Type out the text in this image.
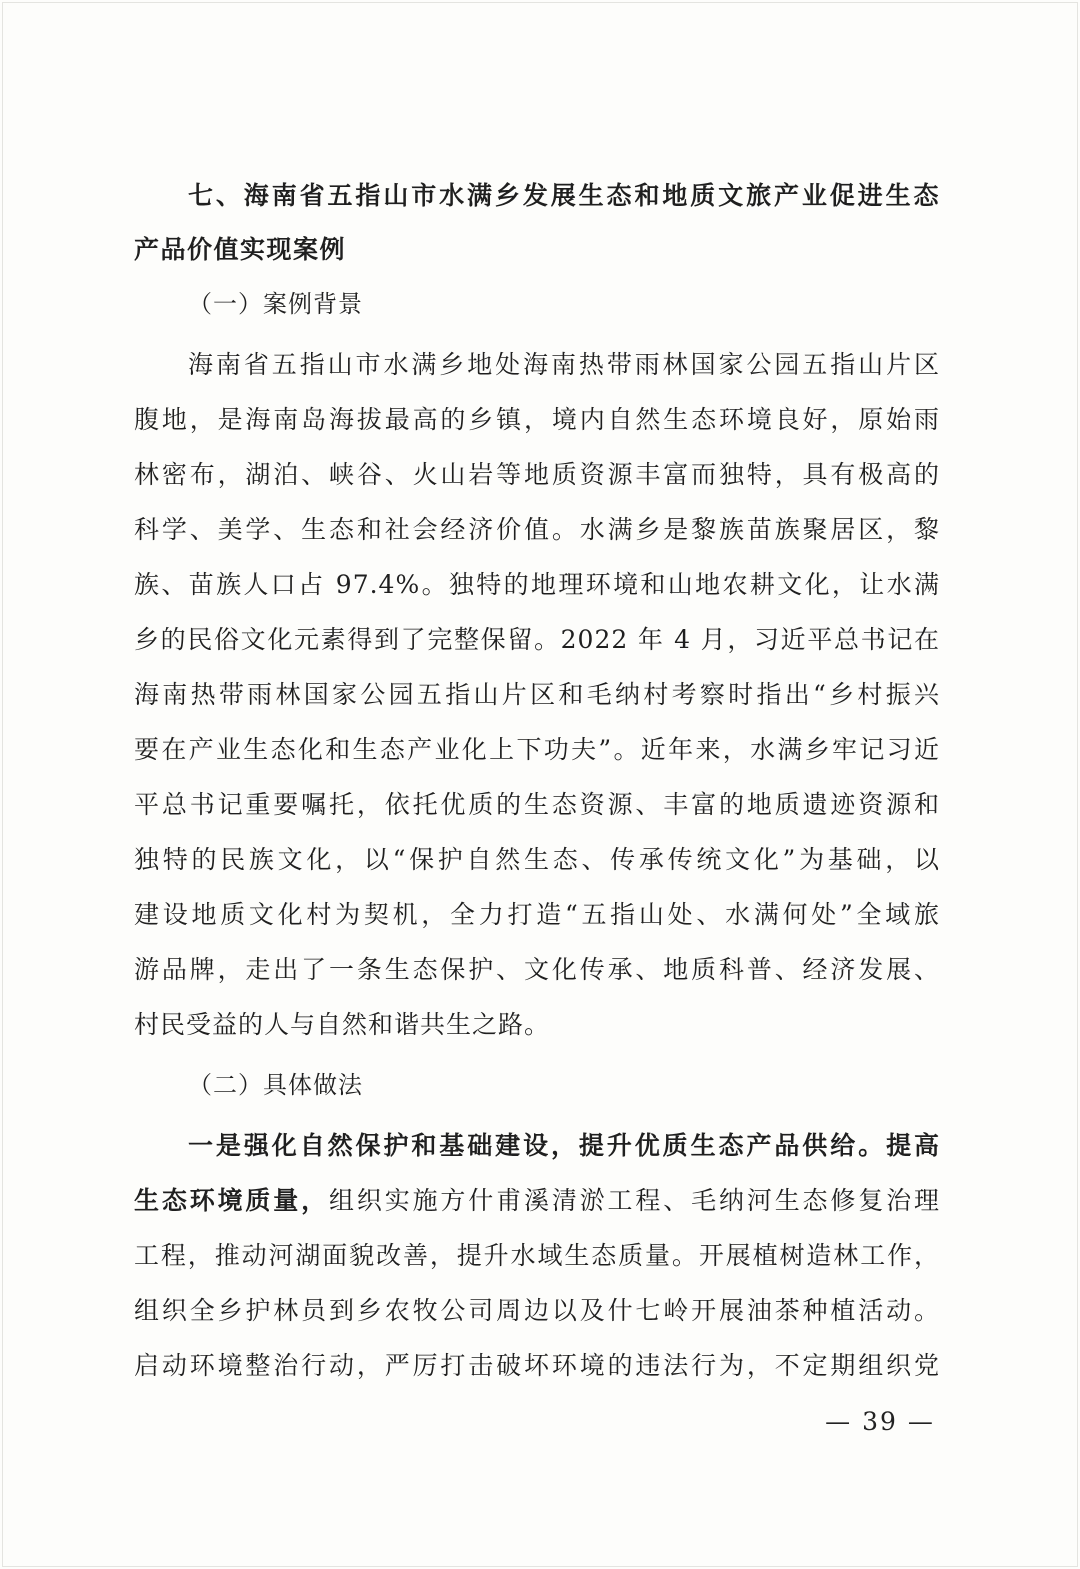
七、海南省五指山市水满乡发展生态和地质文旅产业促进生态
产品价值实现案例
（一）案例背景
海南省五指山市水满乡地处海南热带雨林国家公园五指山片区
腹地，是海南岛海拔最高的乡镇，境内自然生态环境良好，原始雨
林密布，湖泊、峡谷、火山岩等地质资源丰富而独特，具有极高的
科学、美学、生态和社会经济价值。水满乡是黎族苗族聚居区，黎
族、苗族人口占 97.4%。独特的地理环境和山地农耕文化，让水满
乡的民俗文化元素得到了完整保留。2022 年 4 月，习近平总书记在
海南热带雨林国家公园五指山片区和毛纳村考察时指出“乡村振兴
要在产业生态化和生态产业化上下功夫”。近年来，水满乡牢记习近
平总书记重要嘱托，依托优质的生态资源、丰富的地质遗迹资源和
独特的民族文化，以“保护自然生态、传承传统文化”为基础，以
建设地质文化村为契机，全力打造“五指山处、水满何处”全域旅
游品牌，走出了一条生态保护、文化传承、地质科普、经济发展、
村民受益的人与自然和谐共生之路。
（二）具体做法
一是强化自然保护和基础建设，提升优质生态产品供给。提高
生态环境质量，组织实施方什甫溪清淤工程、毛纳河生态修复治理
工程，推动河湖面貌改善，提升水域生态质量。开展植树造林工作，
组织全乡护林员到乡农牧公司周边以及什七岭开展油茶种植活动。
启动环境整治行动，严厉打击破坏环境的违法行为，不定期组织党
— 39 —
